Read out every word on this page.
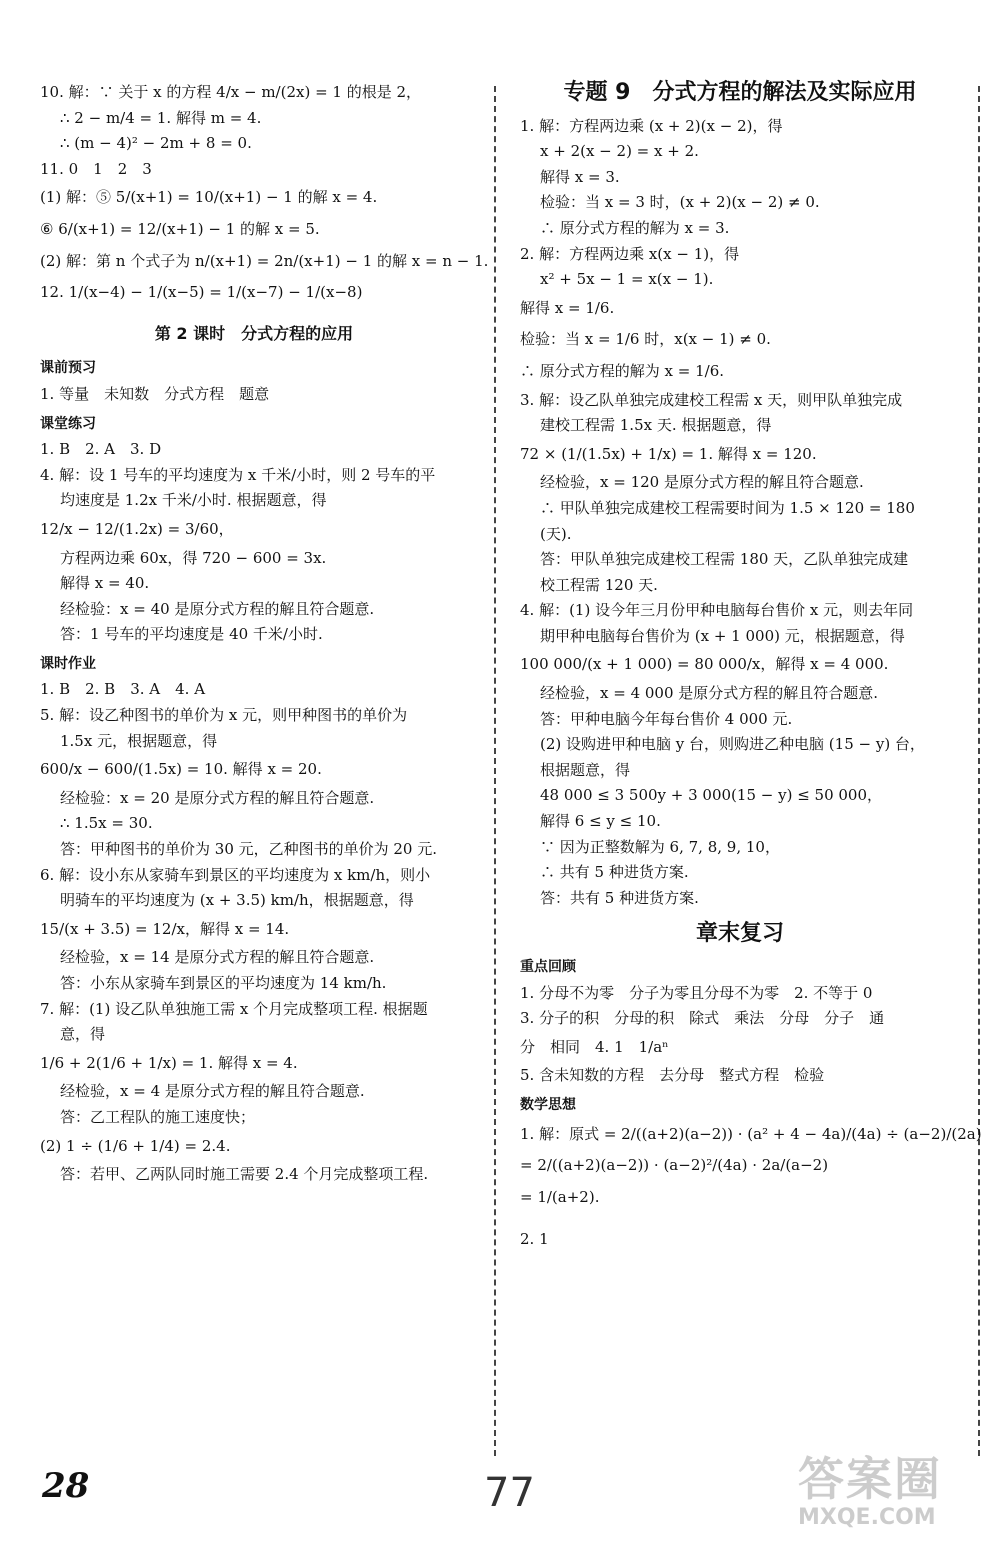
10. 解：∵ 关于 x 的方程 4/x − m/(2x) = 1 的根是 2，

∴ 2 − m/4 = 1. 解得 m = 4.

∴ (m − 4)² − 2m + 8 = 0.

11. 0　1　2　3

(1) 解：⑤ 5/(x+1) = 10/(x+1) − 1 的解 x = 4.

⑥ 6/(x+1) = 12/(x+1) − 1 的解 x = 5.

(2) 解：第 n 个式子为 n/(x+1) = 2n/(x+1) − 1 的解 x = n − 1.

12. 1/(x−4) − 1/(x−5) = 1/(x−7) − 1/(x−8)

第 2 课时　分式方程的应用

课前预习

1. 等量　未知数　分式方程　题意

课堂练习

1. B　2. A　3. D

4. 解：设 1 号车的平均速度为 x 千米/小时，则 2 号车的平

均速度是 1.2x 千米/小时. 根据题意，得

12/x − 12/(1.2x) = 3/60，

方程两边乘 60x，得 720 − 600 = 3x.

解得 x = 40.

经检验：x = 40 是原分式方程的解且符合题意.

答：1 号车的平均速度是 40 千米/小时.

课时作业

1. B　2. B　3. A　4. A

5. 解：设乙种图书的单价为 x 元，则甲种图书的单价为

1.5x 元，根据题意，得

600/x − 600/(1.5x) = 10. 解得 x = 20.

经检验：x = 20 是原分式方程的解且符合题意.

∴ 1.5x = 30.

答：甲种图书的单价为 30 元，乙种图书的单价为 20 元.

6. 解：设小东从家骑车到景区的平均速度为 x km/h，则小

明骑车的平均速度为 (x + 3.5) km/h，根据题意，得

15/(x + 3.5) = 12/x，解得 x = 14.

经检验，x = 14 是原分式方程的解且符合题意.

答：小东从家骑车到景区的平均速度为 14 km/h.

7. 解：(1) 设乙队单独施工需 x 个月完成整项工程. 根据题

意，得

1/6 + 2(1/6 + 1/x) = 1. 解得 x = 4.

经检验，x = 4 是原分式方程的解且符合题意.

答：乙工程队的施工速度快；

(2) 1 ÷ (1/6 + 1/4) = 2.4.

答：若甲、乙两队同时施工需要 2.4 个月完成整项工程.

专题 9　分式方程的解法及实际应用

1. 解：方程两边乘 (x + 2)(x − 2)，得

x + 2(x − 2) = x + 2.

解得 x = 3.

检验：当 x = 3 时，(x + 2)(x − 2) ≠ 0.

∴ 原分式方程的解为 x = 3.

2. 解：方程两边乘 x(x − 1)，得

x² + 5x − 1 = x(x − 1).

解得 x = 1/6.

检验：当 x = 1/6 时，x(x − 1) ≠ 0.

∴ 原分式方程的解为 x = 1/6.

3. 解：设乙队单独完成建校工程需 x 天，则甲队单独完成

建校工程需 1.5x 天. 根据题意，得

72 × (1/(1.5x) + 1/x) = 1. 解得 x = 120.

经检验，x = 120 是原分式方程的解且符合题意.

∴ 甲队单独完成建校工程需要时间为 1.5 × 120 = 180

(天).

答：甲队单独完成建校工程需 180 天，乙队单独完成建

校工程需 120 天.

4. 解：(1) 设今年三月份甲种电脑每台售价 x 元，则去年同

期甲种电脑每台售价为 (x + 1 000) 元，根据题意，得

100 000/(x + 1 000) = 80 000/x，解得 x = 4 000.

经检验，x = 4 000 是原分式方程的解且符合题意.

答：甲种电脑今年每台售价 4 000 元.

(2) 设购进甲种电脑 y 台，则购进乙种电脑 (15 − y) 台，

根据题意，得

48 000 ≤ 3 500y + 3 000(15 − y) ≤ 50 000，

解得 6 ≤ y ≤ 10.

∵ 因为正整数解为 6, 7, 8, 9, 10，

∴ 共有 5 种进货方案.

答：共有 5 种进货方案.

章末复习

重点回顾

1. 分母不为零　分子为零且分母不为零　2. 不等于 0

3. 分子的积　分母的积　除式　乘法　分母　分子　通

分　相同　4. 1　1/aⁿ

5. 含未知数的方程　去分母　整式方程　检验

数学思想

1. 解：原式 = 2/((a+2)(a−2)) · (a² + 4 − 4a)/(4a) ÷ (a−2)/(2a)

= 2/((a+2)(a−2)) · (a−2)²/(4a) · 2a/(a−2)

= 1/(a+2).

2. 1

28	77	答案圈
MXQE.COM
